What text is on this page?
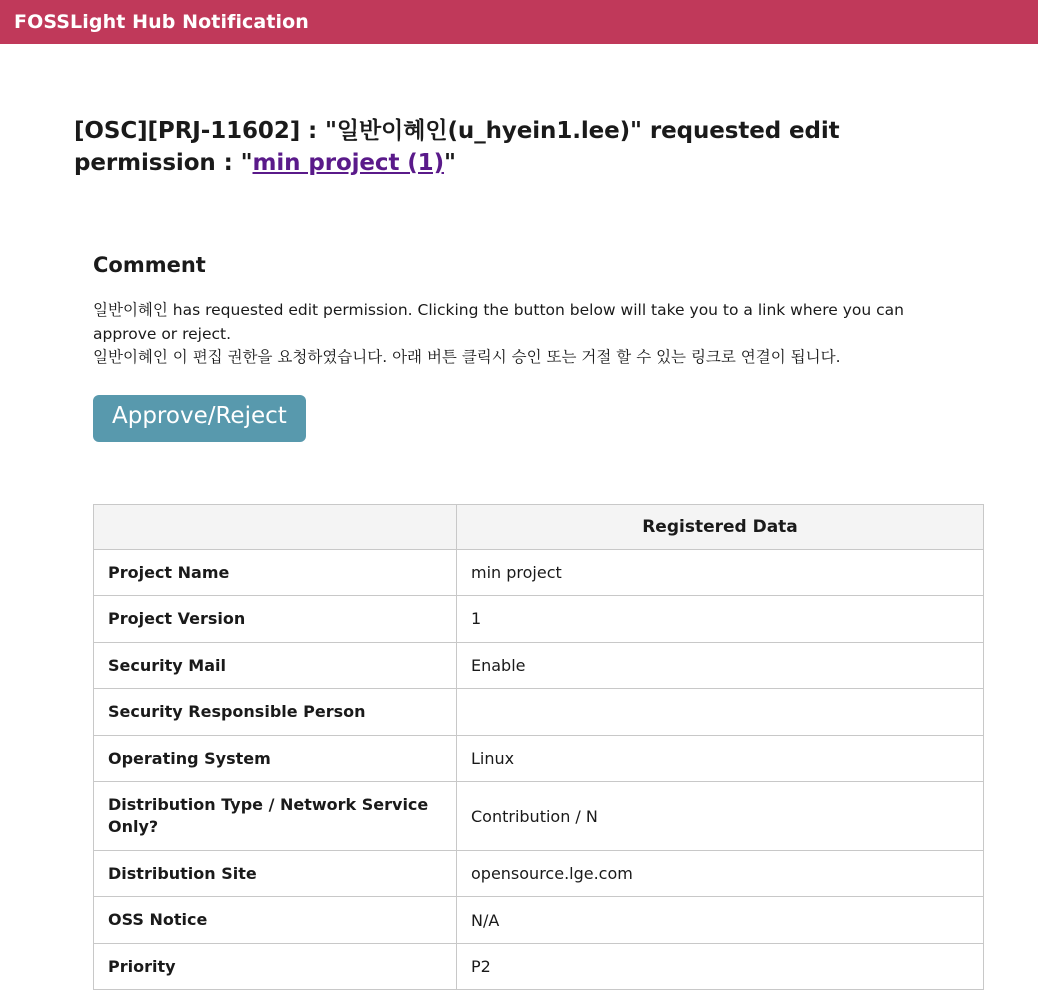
FOSSLight Hub Notification
[OSC][PRJ-11602] : "일반이혜인(u_hyein1.lee)" requested edit permission : "min project (1)"
Comment
일반이혜인 has requested edit permission. Clicking the button below will take you to a link where you can approve or reject.
일반이혜인 이 편집 권한을 요청하였습니다. 아래 버튼 클릭시 승인 또는 거절 할 수 있는 링크로 연결이 됩니다.
Approve/Reject
	Registered Data
Project Name	min project
Project Version	1
Security Mail	Enable
Security Responsible Person	
Operating System	Linux
Distribution Type / Network Service Only?	Contribution / N
Distribution Site	opensource.lge.com
OSS Notice	N/A
Priority	P2
